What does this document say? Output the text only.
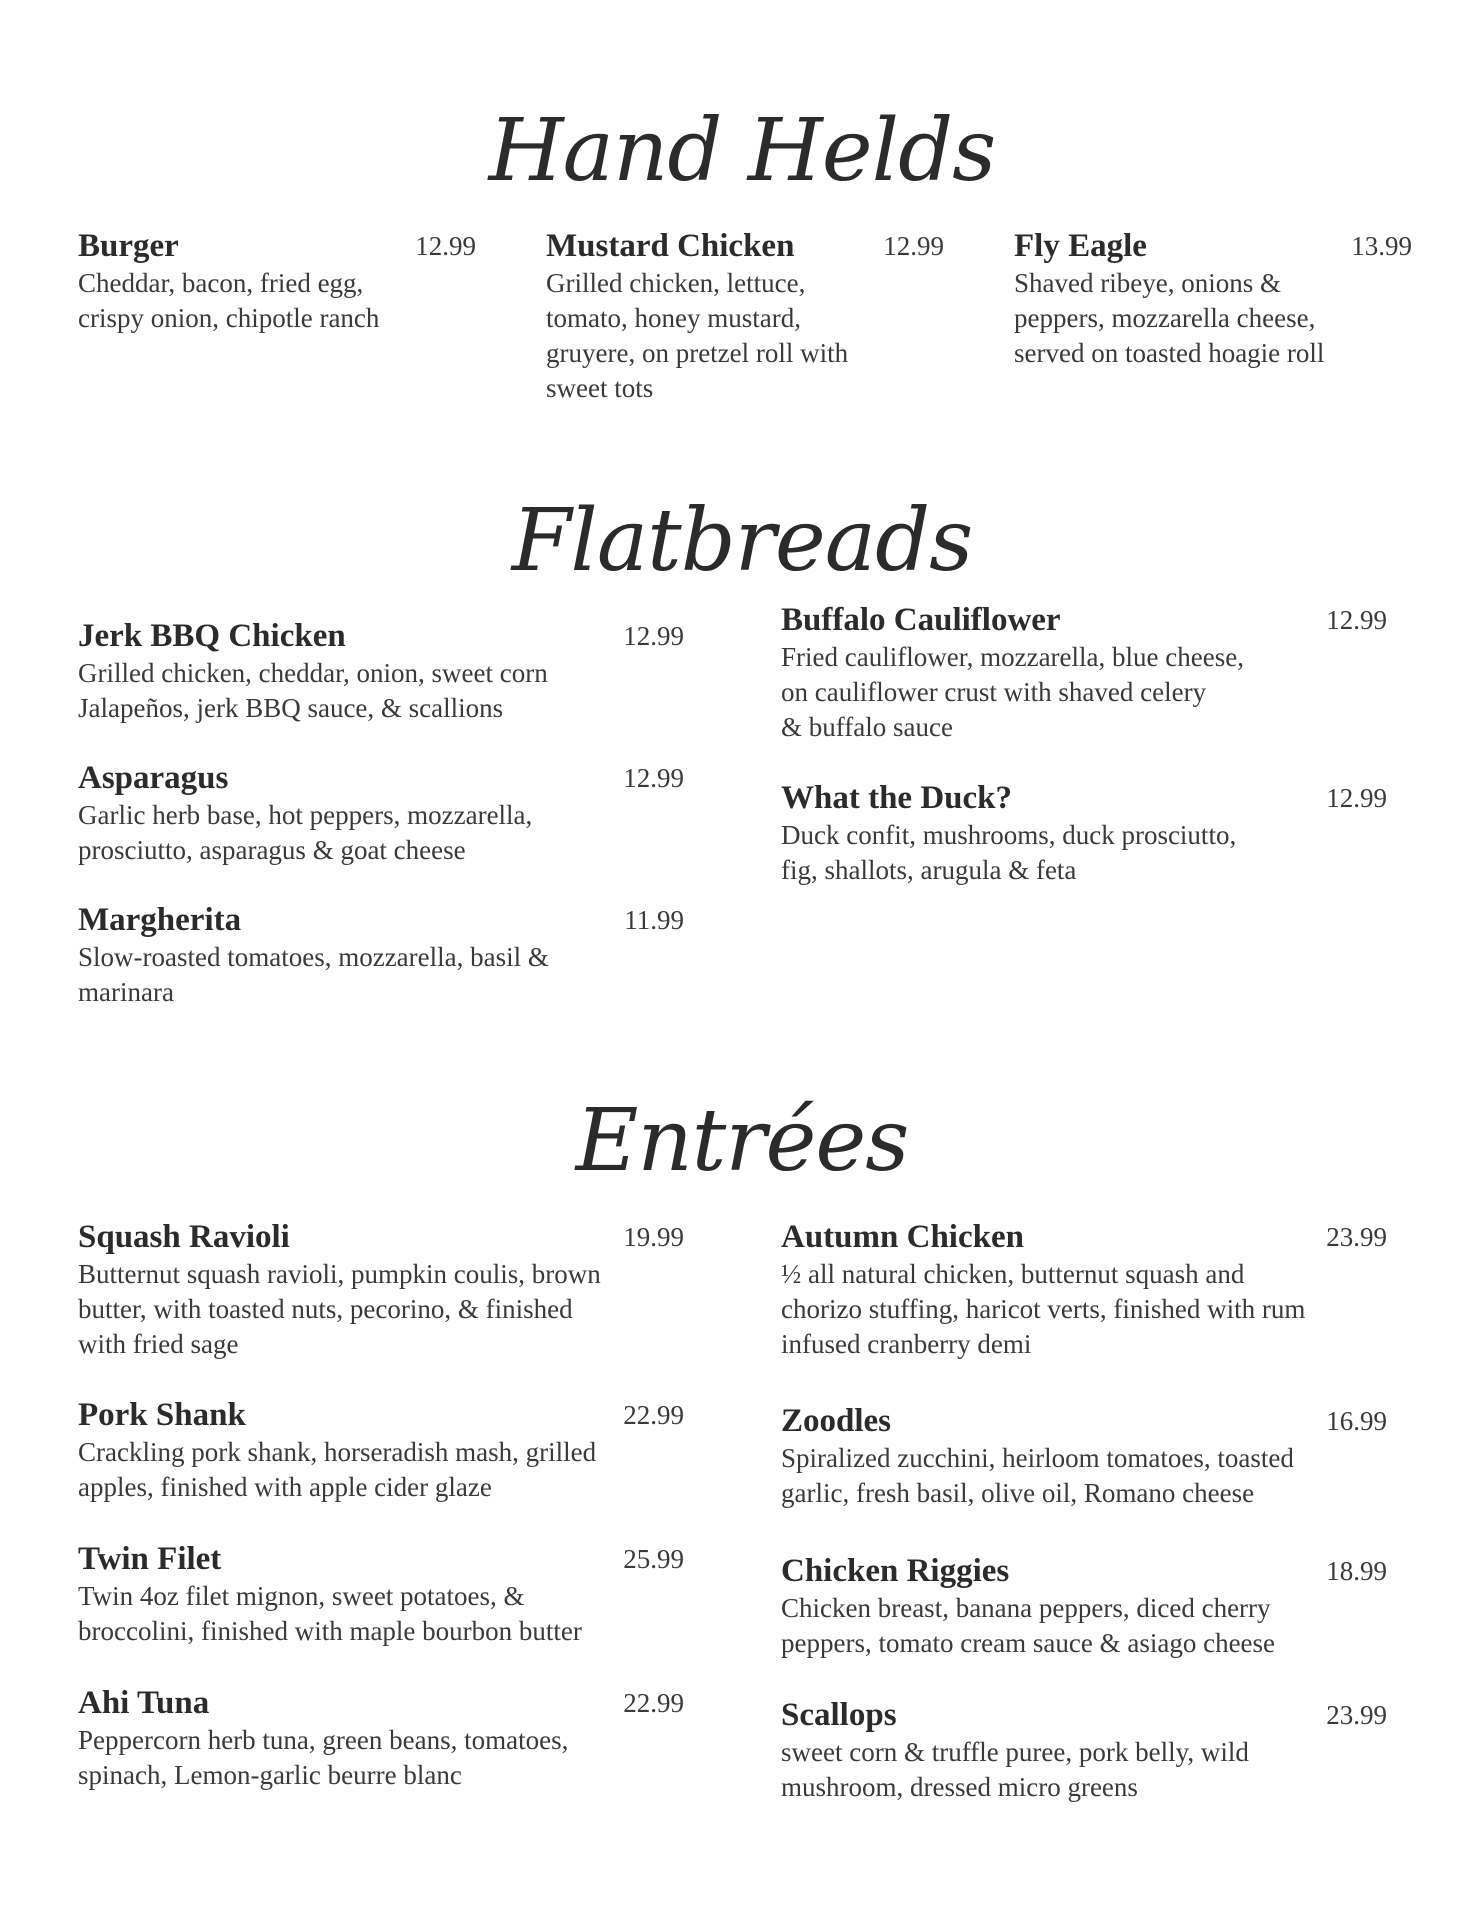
Hand Helds
Burger	12.99
Cheddar, bacon, fried egg,
crispy onion, chipotle ranch
Mustard Chicken	12.99
Grilled chicken, lettuce,
tomato, honey mustard,
gruyere, on pretzel roll with
sweet tots
Fly Eagle	13.99
Shaved ribeye, onions &
peppers, mozzarella cheese,
served on toasted hoagie roll
Flatbreads
Jerk BBQ Chicken	12.99
Grilled chicken, cheddar, onion, sweet corn
Jalapeños, jerk BBQ sauce, & scallions
Asparagus	12.99
Garlic herb base, hot peppers, mozzarella,
prosciutto, asparagus & goat cheese
Margherita	11.99
Slow-roasted tomatoes, mozzarella, basil &
marinara
Buffalo Cauliflower	12.99
Fried cauliflower, mozzarella, blue cheese,
on cauliflower crust with shaved celery
& buffalo sauce
What the Duck?	12.99
Duck confit, mushrooms, duck prosciutto,
fig, shallots, arugula & feta
Entrées
Squash Ravioli	19.99
Butternut squash ravioli, pumpkin coulis, brown
butter, with toasted nuts, pecorino, & finished
with fried sage
Pork Shank	22.99
Crackling pork shank, horseradish mash, grilled
apples, finished with apple cider glaze
Twin Filet	25.99
Twin 4oz filet mignon, sweet potatoes, &
broccolini, finished with maple bourbon butter
Ahi Tuna	22.99
Peppercorn herb tuna, green beans, tomatoes,
spinach, Lemon-garlic beurre blanc
Autumn Chicken	23.99
½ all natural chicken, butternut squash and
chorizo stuffing, haricot verts, finished with rum
infused cranberry demi
Zoodles	16.99
Spiralized zucchini, heirloom tomatoes, toasted
garlic, fresh basil, olive oil, Romano cheese
Chicken Riggies	18.99
Chicken breast, banana peppers, diced cherry
peppers, tomato cream sauce & asiago cheese
Scallops	23.99
sweet corn & truffle puree, pork belly, wild
mushroom, dressed micro greens
